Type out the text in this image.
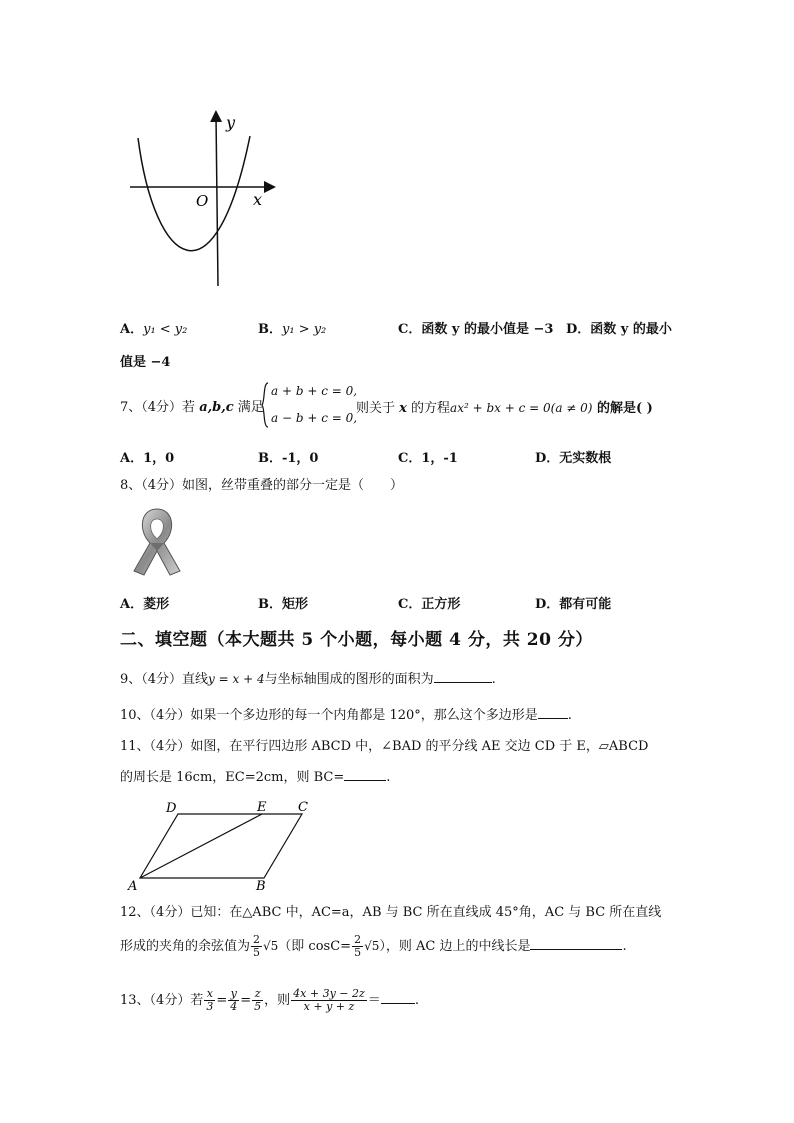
y
x
O
A．y₁ < y₂	B．y₁ > y₂	C．函数 y 的最小值是 −3 D．函数 y 的最小
值是 −4
7、（4分）若 a,b,c 满足
a + b + c = 0,
a − b + c = 0,
则关于 x 的方程ax² + bx + c = 0(a ≠ 0) 的解是( )
A．1，0	B．-1，0	C．1，-1	D．无实数根
8、（4分）如图，丝带重叠的部分一定是（　　）
A．菱形	B．矩形	C．正方形	D．都有可能
二、填空题（本大题共 5 个小题，每小题 4 分，共 20 分）
9、（4分）直线y = x + 4与坐标轴围成的图形的面积为	.
10、（4分）如果一个多边形的每一个内角都是 120°，那么这个多边形是 .
11、（4分）如图，在平行四边形 ABCD 中，∠BAD 的平分线 AE 交边 CD 于 E，▱ABCD
的周长是 16cm，EC=2cm，则 BC=	.
D	E C
A	B
12、（4分）已知：在△ABC 中，AC=a，AB 与 BC 所在直线成 45°角，AC 与 BC 所在直线
形成的夹角的余弦值为 $\frac{2}{5} √5$（即 $\cos C= \frac{2}{5} √5$），则 AC 边上的中线长是	.
13、（4分）若 $\frac{x}{3} = \frac{y}{4} = \frac{z}{5}$ ，则 $\frac{4x + 3y - 2z}{x + y + z}$ ＝	.
